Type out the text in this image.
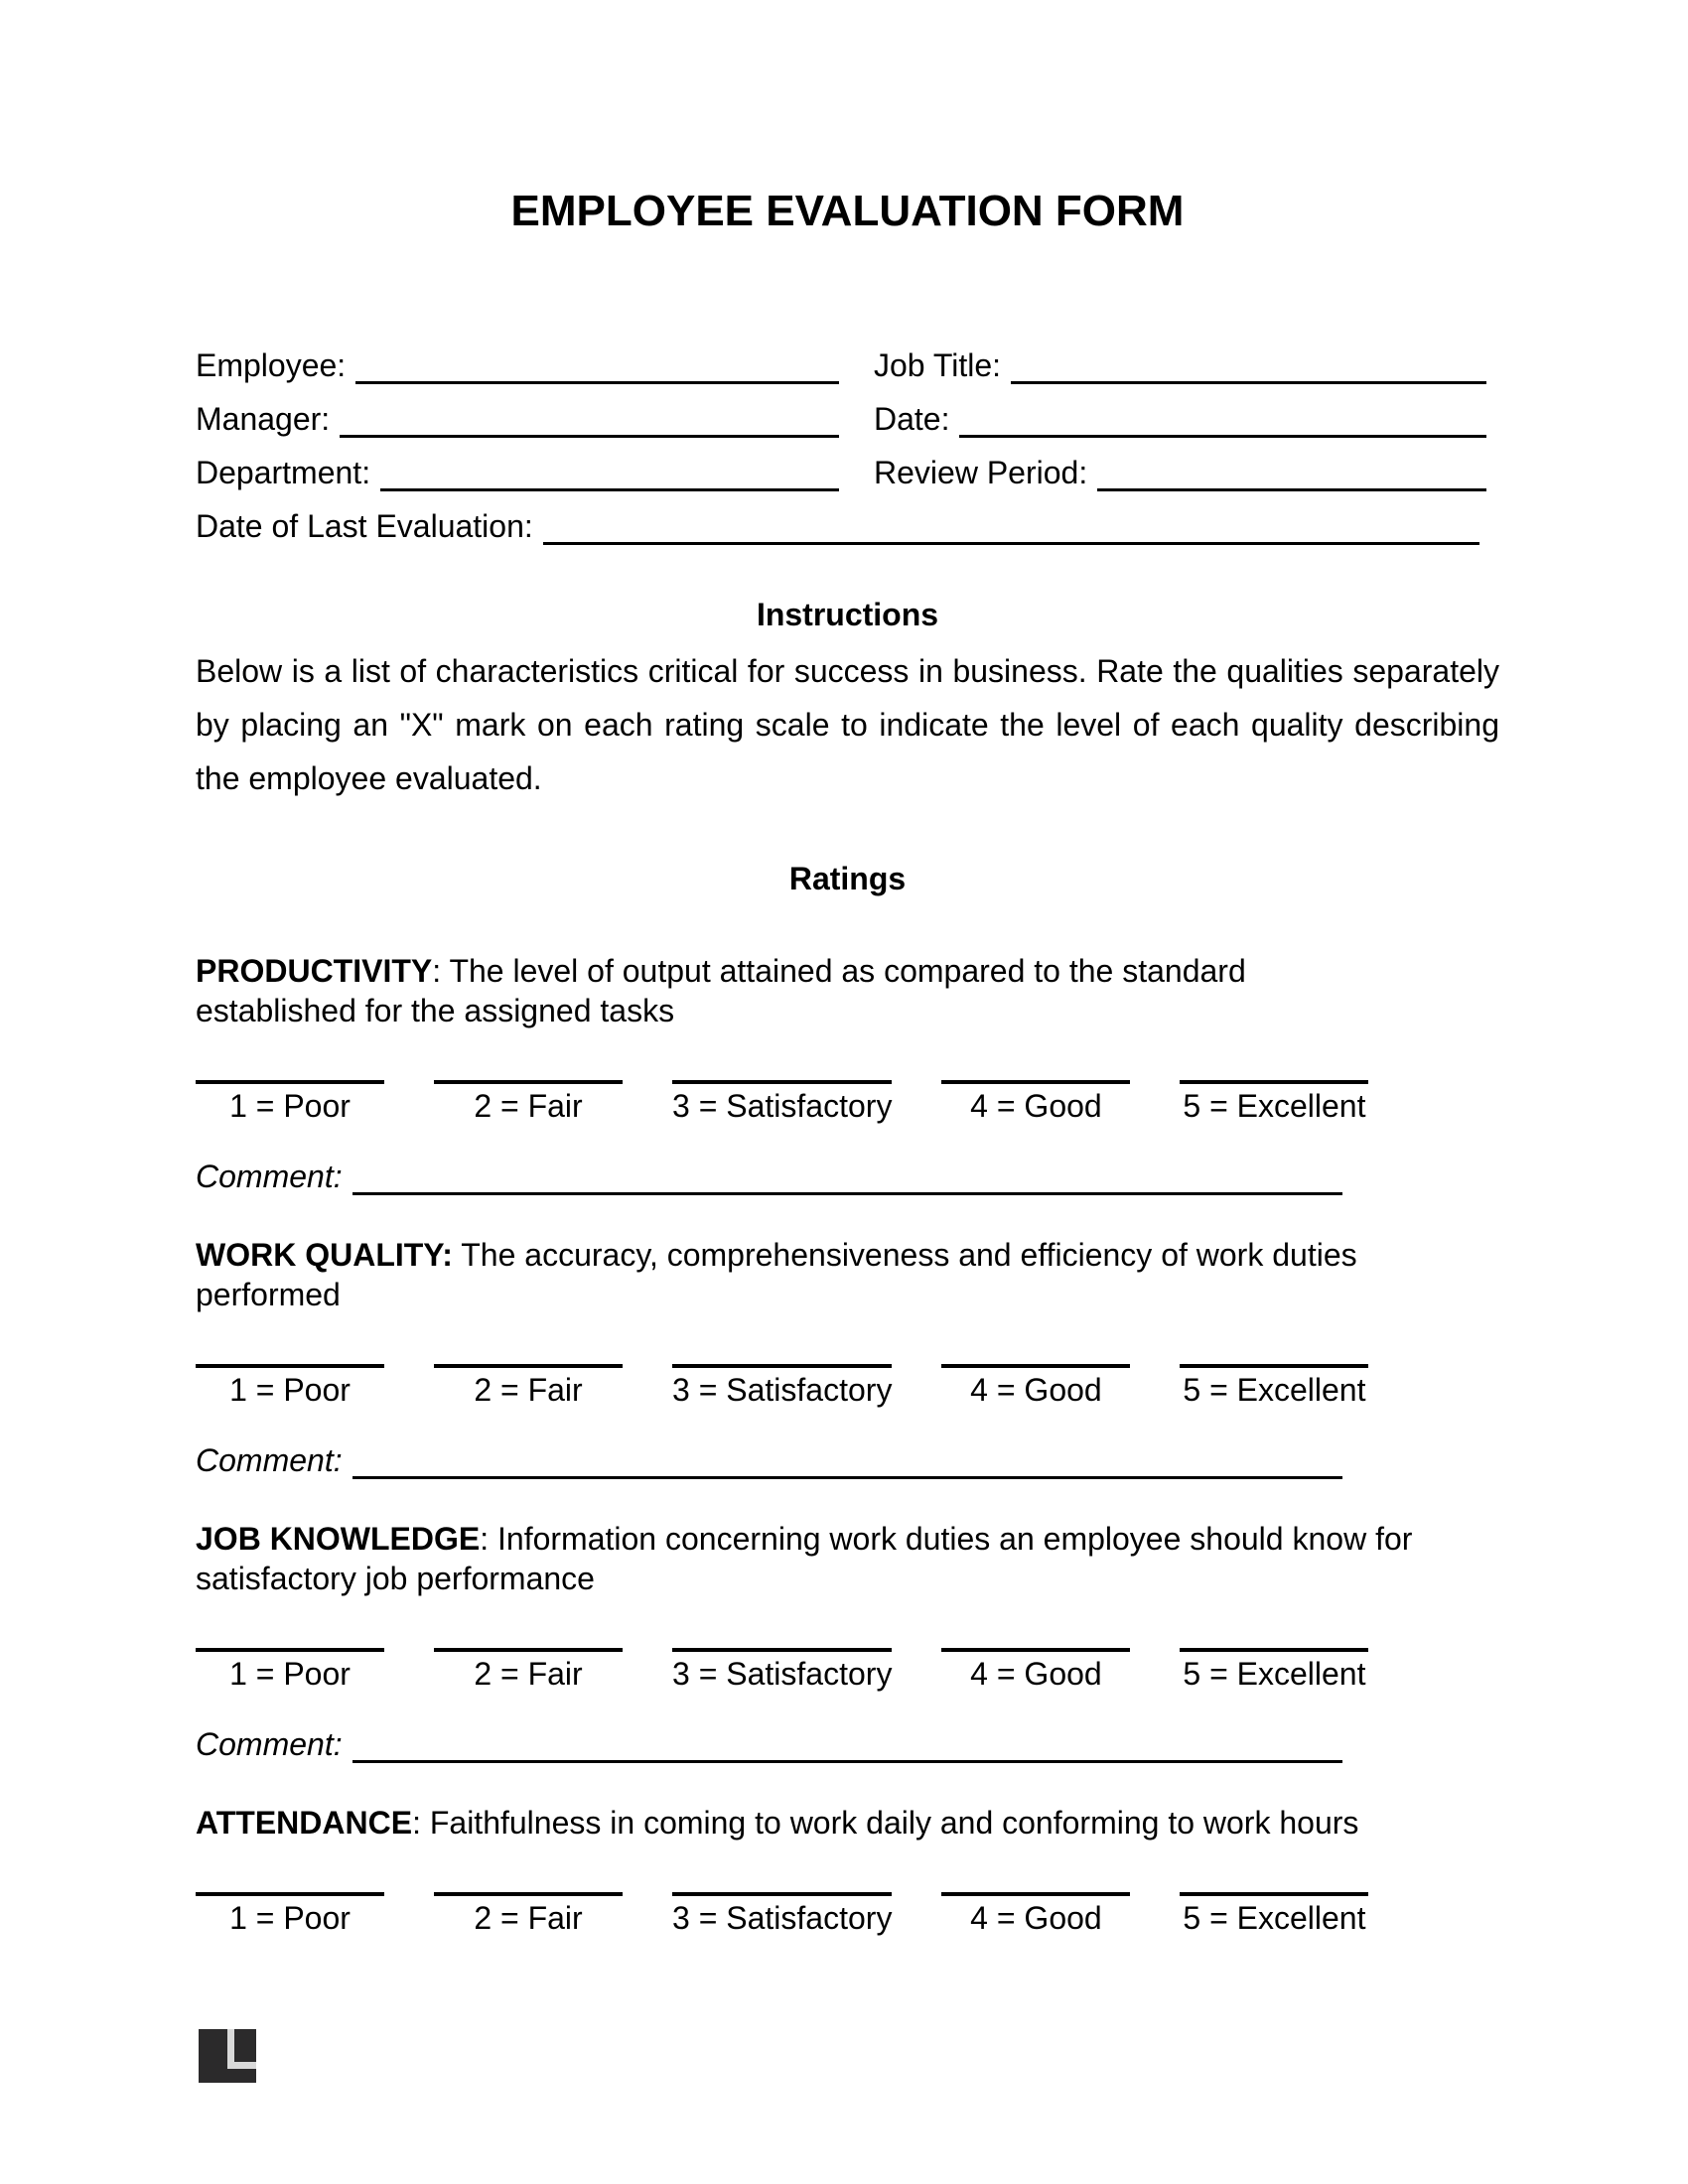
EMPLOYEE EVALUATION FORM
Employee:	Job Title:
Manager:	Date:
Department:	Review Period:
Date of Last Evaluation:
Instructions

Below is a list of characteristics critical for success in business. Rate the qualities separately by placing an "X" mark on each rating scale to indicate the level of each quality describing the employee evaluated.

Ratings

PRODUCTIVITY: The level of output attained as compared to the standard
established for the assigned tasks

1 = Poor	2 = Fair	3 = Satisfactory 4 = Good	5 = Excellent
Comment:

WORK QUALITY: The accuracy, comprehensiveness and efficiency of work duties
performed

1 = Poor	2 = Fair	3 = Satisfactory 4 = Good	5 = Excellent
Comment:

JOB KNOWLEDGE: Information concerning work duties an employee should know for
satisfactory job performance

1 = Poor	2 = Fair	3 = Satisfactory 4 = Good	5 = Excellent
Comment:

ATTENDANCE: Faithfulness in coming to work daily and conforming to work hours

1 = Poor	2 = Fair	3 = Satisfactory 4 = Good	5 = Excellent
